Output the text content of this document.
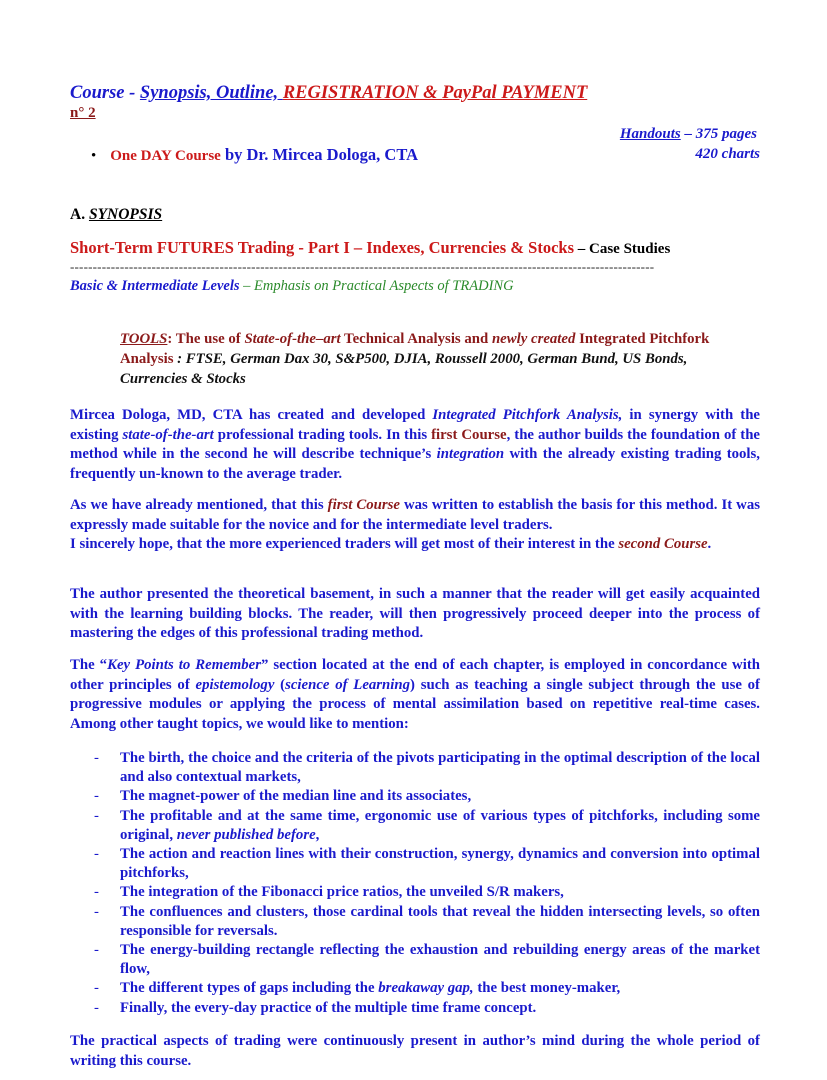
Course - Synopsis, Outline, REGISTRATION & PayPal PAYMENT
n° 2
Handouts – 375 pages
420 charts
• One DAY Course by Dr. Mircea Dologa, CTA
A. SYNOPSIS
Short-Term FUTURES Trading - Part I – Indexes, Currencies & Stocks – Case Studies
---------------------------------------------------------------------------------------------------------------------------------
Basic & Intermediate Levels – Emphasis on Practical Aspects of TRADING
TOOLS: The use of State-of-the–art Technical Analysis and newly created Integrated Pitchfork Analysis : FTSE, German Dax 30, S&P500, DJIA, Roussell 2000, German Bund, US Bonds, Currencies & Stocks
Mircea Dologa, MD, CTA has created and developed Integrated Pitchfork Analysis, in synergy with the existing state-of-the-art professional trading tools. In this first Course, the author builds the foundation of the method while in the second he will describe technique’s integration with the already existing trading tools, frequently un-known to the average trader.
As we have already mentioned, that this first Course was written to establish the basis for this method. It was expressly made suitable for the novice and for the intermediate level traders.
I sincerely hope, that the more experienced traders will get most of their interest in the second Course.
The author presented the theoretical basement, in such a manner that the reader will get easily acquainted with the learning building blocks. The reader, will then progressively proceed deeper into the process of mastering the edges of this professional trading method.
The “Key Points to Remember” section located at the end of each chapter, is employed in concordance with other principles of epistemology (science of Learning) such as teaching a single subject through the use of progressive modules or applying the process of mental assimilation based on repetitive real-time cases. Among other taught topics, we would like to mention:
- The birth, the choice and the criteria of the pivots participating in the optimal description of the local and also contextual markets,
- The magnet-power of the median line and its associates,
- The profitable and at the same time, ergonomic use of various types of pitchforks, including some original, never published before,
- The action and reaction lines with their construction, synergy, dynamics and conversion into optimal pitchforks,
- The integration of the Fibonacci price ratios, the unveiled S/R makers,
- The confluences and clusters, those cardinal tools that reveal the hidden intersecting levels, so often responsible for reversals.
- The energy-building rectangle reflecting the exhaustion and rebuilding energy areas of the market flow,
- The different types of gaps including the breakaway gap, the best money-maker,
- Finally, the every-day practice of the multiple time frame concept.
The practical aspects of trading were continuously present in author’s mind during the whole period of writing this course.
